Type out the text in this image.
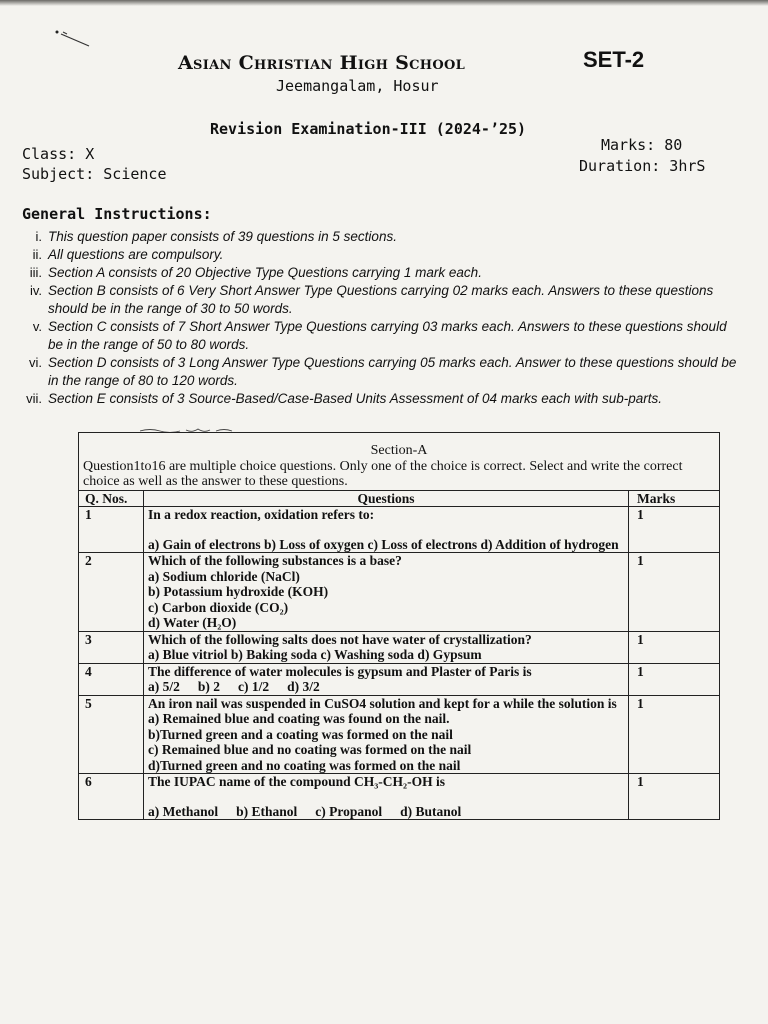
Asian Christian High School	SET-2
Jeemangalam, Hosur
Revision Examination-III (2024-’25)
Class: X
Subject: Science
Marks: 80
Duration: 3hrS
General Instructions:
i. This question paper consists of 39 questions in 5 sections.
ii. All questions are compulsory.
iii. Section A consists of 20 Objective Type Questions carrying 1 mark each.
iv. Section B consists of 6 Very Short Answer Type Questions carrying 02 marks each. Answers to these questions should be in the range of 30 to 50 words.
v. Section C consists of 7 Short Answer Type Questions carrying 03 marks each. Answers to these questions should be in the range of 50 to 80 words.
vi. Section D consists of 3 Long Answer Type Questions carrying 05 marks each. Answer to these questions should be in the range of 80 to 120 words.
vii. Section E consists of 3 Source-Based/Case-Based Units Assessment of 04 marks each with sub-parts.
Section-A
Question1to16 are multiple choice questions. Only one of the choice is correct. Select and write the correct choice as well as the answer to these questions.		

Q. Nos.	Questions	Marks
1	In a redox reaction, oxidation refers to:
a) Gain of electrons b) Loss of oxygen c) Loss of electrons d) Addition of hydrogen	1
2	Which of the following substances is a base?
a) Sodium chloride (NaCl)
b) Potassium hydroxide (KOH)
c) Carbon dioxide (CO₂)
d) Water (H₂O)	1
3	Which of the following salts does not have water of crystallization?
a) Blue vitriol b) Baking soda c) Washing soda d) Gypsum	1
4	The difference of water molecules is gypsum and Plaster of Paris is
a) 5/2 b) 2 c) 1/2 d) 3/2	1
5	An iron nail was suspended in CuSO4 solution and kept for a while the solution is
a) Remained blue and coating was found on the nail.
b)Turned green and a coating was formed on the nail
c) Remained blue and no coating was formed on the nail
d)Turned green and no coating was formed on the nail	1
6	The IUPAC name of the compound CH₃-CH₂-OH is
a) Methanol b) Ethanol c) Propanol d) Butanol	1
